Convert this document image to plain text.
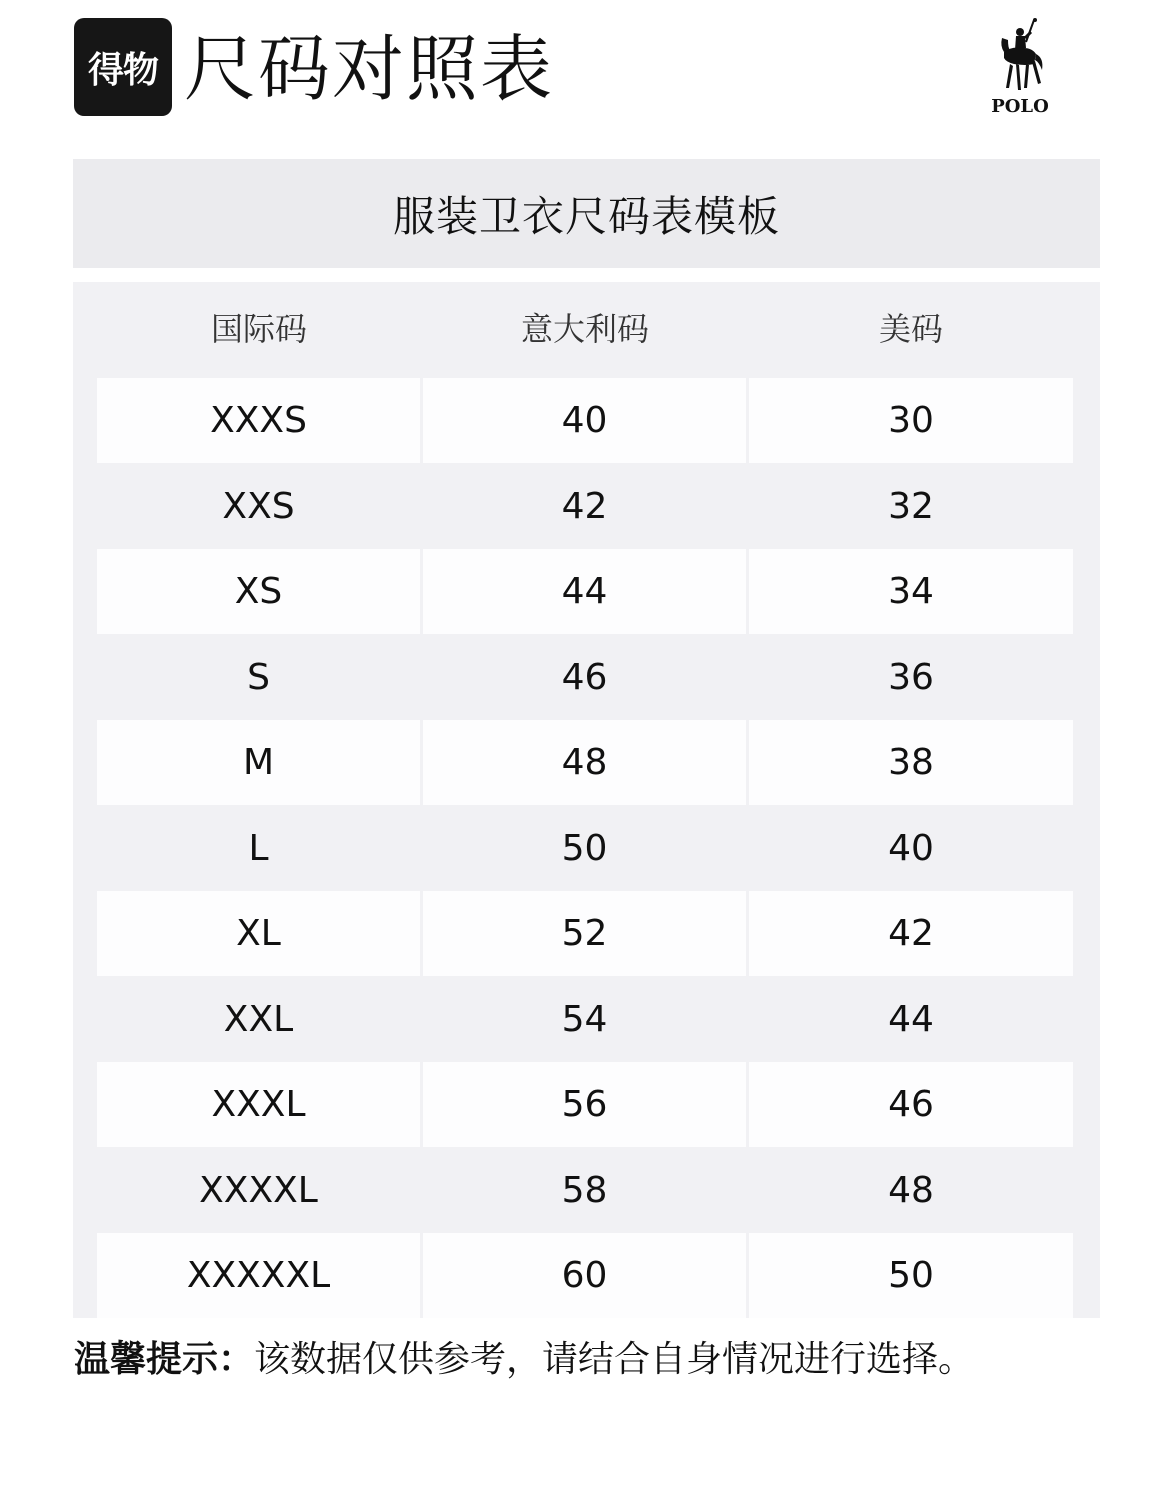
得物 尺码对照表	POLO
服装卫衣尺码表模板
国际码	意大利码	美码
XXXS	40	30
XXS	42	32
XS	44	34
S	46	36
M	48	38
L	50	40
XL	52	42
XXL	54	44
XXXL	56	46
XXXXL	58	48
XXXXXL	60	50
温馨提示：该数据仅供参考，请结合自身情况进行选择。
